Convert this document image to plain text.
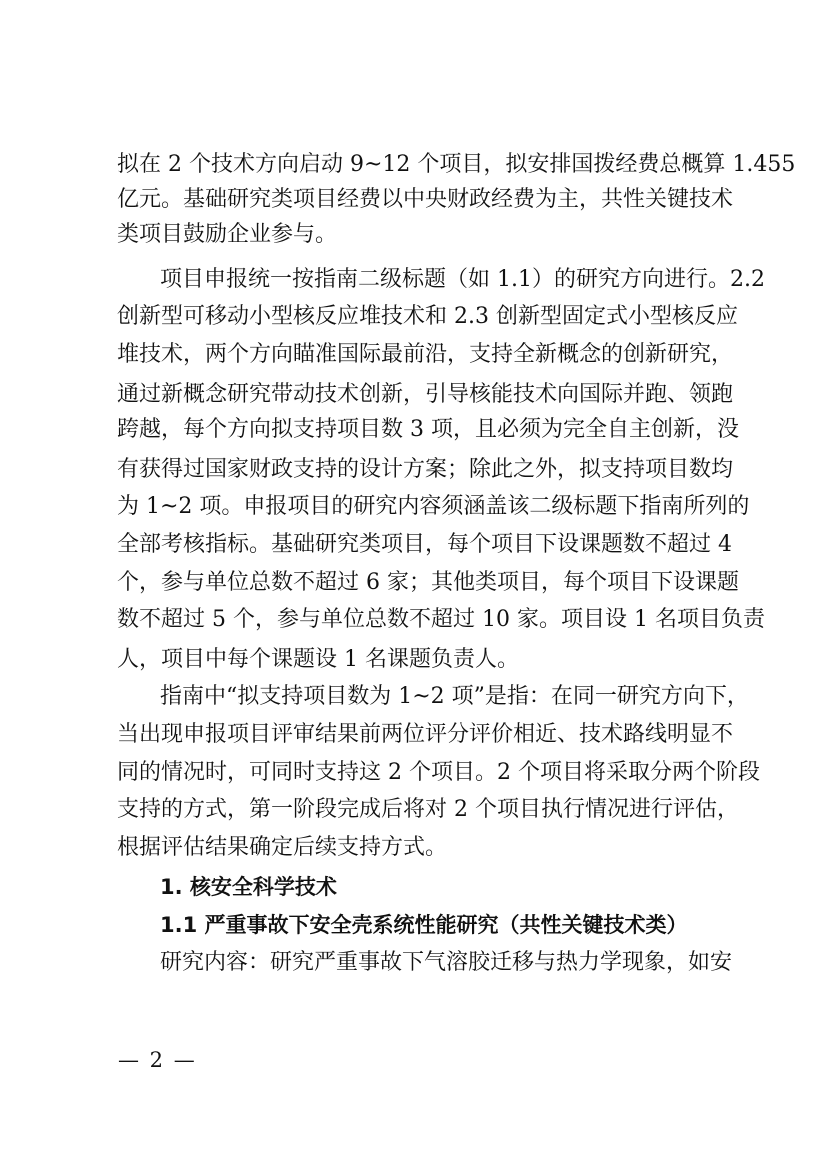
拟在 2 个技术方向启动 9~12 个项目，拟安排国拨经费总概算 1.455
亿元。基础研究类项目经费以中央财政经费为主，共性关键技术
类项目鼓励企业参与。
项目申报统一按指南二级标题（如 1.1）的研究方向进行。2.2
创新型可移动小型核反应堆技术和 2.3 创新型固定式小型核反应
堆技术，两个方向瞄准国际最前沿，支持全新概念的创新研究，
通过新概念研究带动技术创新，引导核能技术向国际并跑、领跑
跨越，每个方向拟支持项目数 3 项，且必须为完全自主创新，没
有获得过国家财政支持的设计方案；除此之外，拟支持项目数均
为 1~2 项。申报项目的研究内容须涵盖该二级标题下指南所列的
全部考核指标。基础研究类项目，每个项目下设课题数不超过 4
个，参与单位总数不超过 6 家；其他类项目，每个项目下设课题
数不超过 5 个，参与单位总数不超过 10 家。项目设 1 名项目负责
人，项目中每个课题设 1 名课题负责人。
指南中“拟支持项目数为 1~2 项”是指：在同一研究方向下，
当出现申报项目评审结果前两位评分评价相近、技术路线明显不
同的情况时，可同时支持这 2 个项目。2 个项目将采取分两个阶段
支持的方式，第一阶段完成后将对 2 个项目执行情况进行评估，
根据评估结果确定后续支持方式。
1. 核安全科学技术
1.1 严重事故下安全壳系统性能研究（共性关键技术类）
研究内容：研究严重事故下气溶胶迁移与热力学现象，如安
— 2 —
